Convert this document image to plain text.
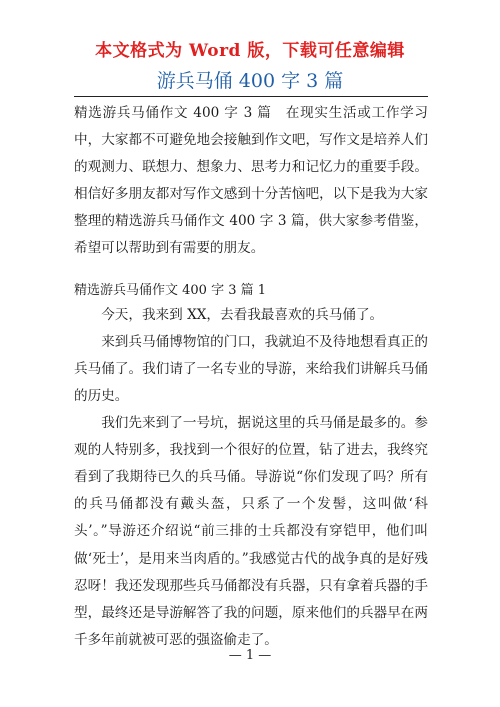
本文格式为 Word 版，下载可任意编辑
游兵马俑 400 字 3 篇

精选游兵马俑作文 400 字 3 篇　在现实生活或工作学习中，大家都不可避免地会接触到作文吧，写作文是培养人们的观测力、联想力、想象力、思考力和记忆力的重要手段。相信好多朋友都对写作文感到十分苦恼吧，以下是我为大家整理的精选游兵马俑作文 400 字 3 篇，供大家参考借鉴，希望可以帮助到有需要的朋友。

精选游兵马俑作文 400 字 3 篇 1

今天，我来到 XX，去看我最喜欢的兵马俑了。

来到兵马俑博物馆的门口，我就迫不及待地想看真正的兵马俑了。我们请了一名专业的导游，来给我们讲解兵马俑的历史。

我们先来到了一号坑，据说这里的兵马俑是最多的。参观的人特别多，我找到一个很好的位置，钻了进去，我终究看到了我期待已久的兵马俑。导游说“你们发现了吗？所有的兵马俑都没有戴头盔，只系了一个发髻，这叫做‘科头’。”导游还介绍说“前三排的士兵都没有穿铠甲，他们叫做‘死士’，是用来当肉盾的。”我感觉古代的战争真的是好残忍呀！我还发现那些兵马俑都没有兵器，只有拿着兵器的手型，最终还是导游解答了我的问题，原来他们的兵器早在两千多年前就被可恶的强盗偷走了。

— 1 —
